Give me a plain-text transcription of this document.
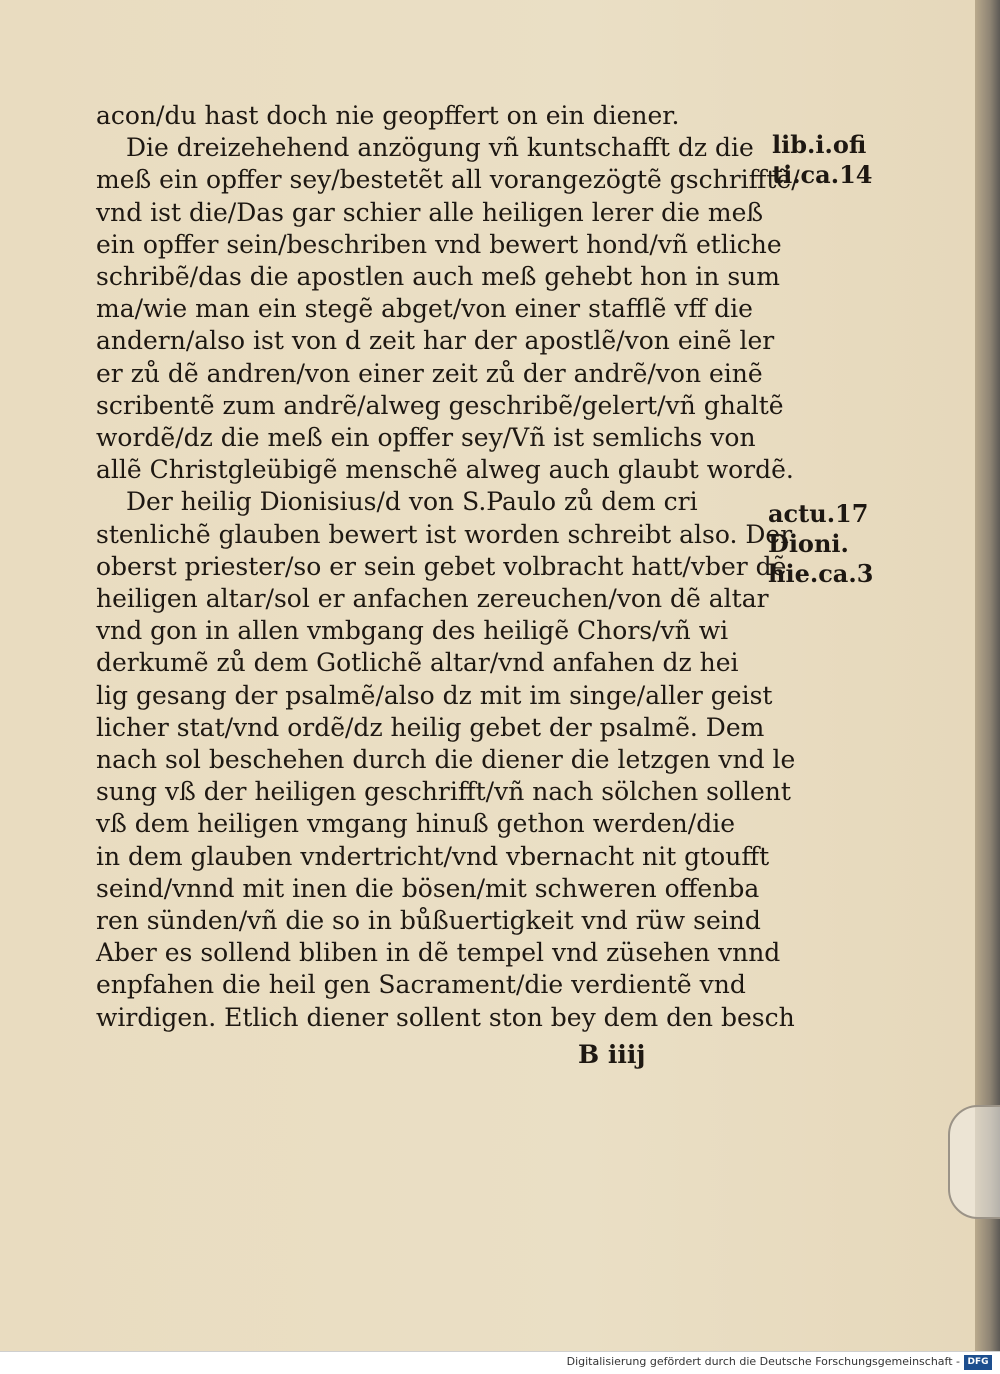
acon/du hast doch nie geopffert on ein diener.
Die dreizehehend anzögung vñ kuntschafft dz die
meß ein opffer sey/bestetẽt all vorangezögtẽ gschrifftẽ/
vnd ist die/Das gar schier alle heiligen lerer die meß
ein opffer sein/beschriben vnd bewert hond/vñ etliche
schribẽ/das die apostlen auch meß gehebt hon in sum
ma/wie man ein stegẽ abget/von einer stafflẽ vff die
andern/also ist von d zeit har der apostlẽ/von einẽ ler
er zů dẽ andren/von einer zeit zů der andrẽ/von einẽ
scribentẽ zum andrẽ/alweg geschribẽ/gelert/vñ ghaltẽ
wordẽ/dz die meß ein opffer sey/Vñ ist semlichs von
allẽ Christgleübigẽ menschẽ alweg auch glaubt wordẽ.
Der heilig Dionisius/d von S.Paulo zů dem cri
stenlichẽ glauben bewert ist worden schreibt also. Der
oberst priester/so er sein gebet volbracht hatt/vber dẽ
heiligen altar/sol er anfachen zereuchen/von dẽ altar
vnd gon in allen vmbgang des heiligẽ Chors/vñ wi
derkumẽ zů dem Gotlichẽ altar/vnd anfahen dz hei
lig gesang der psalmẽ/also dz mit im singe/aller geist
licher stat/vnd ordẽ/dz heilig gebet der psalmẽ. Dem
nach sol beschehen durch die diener die letzgen vnd le
sung vß der heiligen geschrifft/vñ nach sölchen sollent
vß dem heiligen vmgang hinuß gethon werden/die
in dem glauben vndertricht/vnd vbernacht nit gtoufft
seind/vnnd mit inen die bösen/mit schweren offenba
ren sünden/vñ die so in bůßuertigkeit vnd rüw seind
Aber es sollend bliben in dẽ tempel vnd züsehen vnnd
enpfahen die heil gen Sacrament/die verdientẽ vnd
wirdigen. Etlich diener sollent ston bey dem den besch
lib.i.ofi
ti.ca.14
actu.17
Dioni.
hie.ca.3
B iiij
Digitalisierung gefördert durch die Deutsche Forschungsgemeinschaft - DFG
